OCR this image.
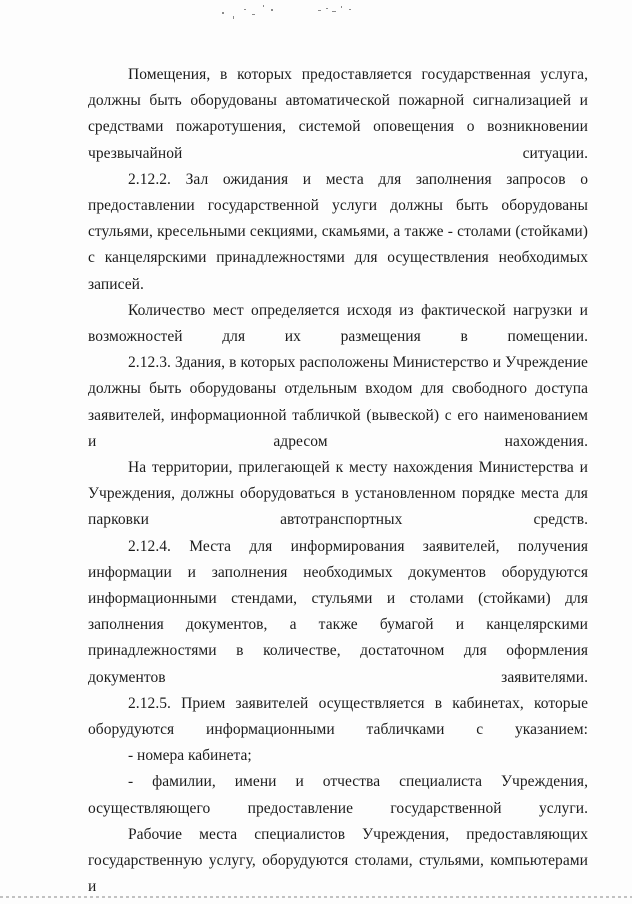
Помещения, в которых предоставляется государственная услуга, должны быть оборудованы автоматической пожарной сигнализацией и средствами пожаротушения, системой оповещения о возникновении чрезвычайной ситуации.

2.12.2. Зал ожидания и места для заполнения запросов о предоставлении государственной услуги должны быть оборудованы стульями, кресельными секциями, скамьями, а также - столами (стойками) с канцелярскими принадлежностями для осуществления необходимых записей.

Количество мест определяется исходя из фактической нагрузки и возможностей для их размещения в помещении.

2.12.3. Здания, в которых расположены Министерство и Учреждение должны быть оборудованы отдельным входом для свободного доступа заявителей, информационной табличкой (вывеской) с его наименованием и адресом нахождения.

На территории, прилегающей к месту нахождения Министерства и Учреждения, должны оборудоваться в установленном порядке места для парковки автотранспортных средств.

2.12.4. Места для информирования заявителей, получения информации и заполнения необходимых документов оборудуются информационными стендами, стульями и столами (стойками) для заполнения документов, а также бумагой и канцелярскими принадлежностями в количестве, достаточном для оформления документов заявителями.

2.12.5. Прием заявителей осуществляется в кабинетах, которые оборудуются информационными табличками с указанием:

- номера кабинета;

- фамилии, имени и отчества специалиста Учреждения, осуществляющего предоставление государственной услуги.

Рабочие места специалистов Учреждения, предоставляющих государственную услугу, оборудуются столами, стульями, компьютерами и
